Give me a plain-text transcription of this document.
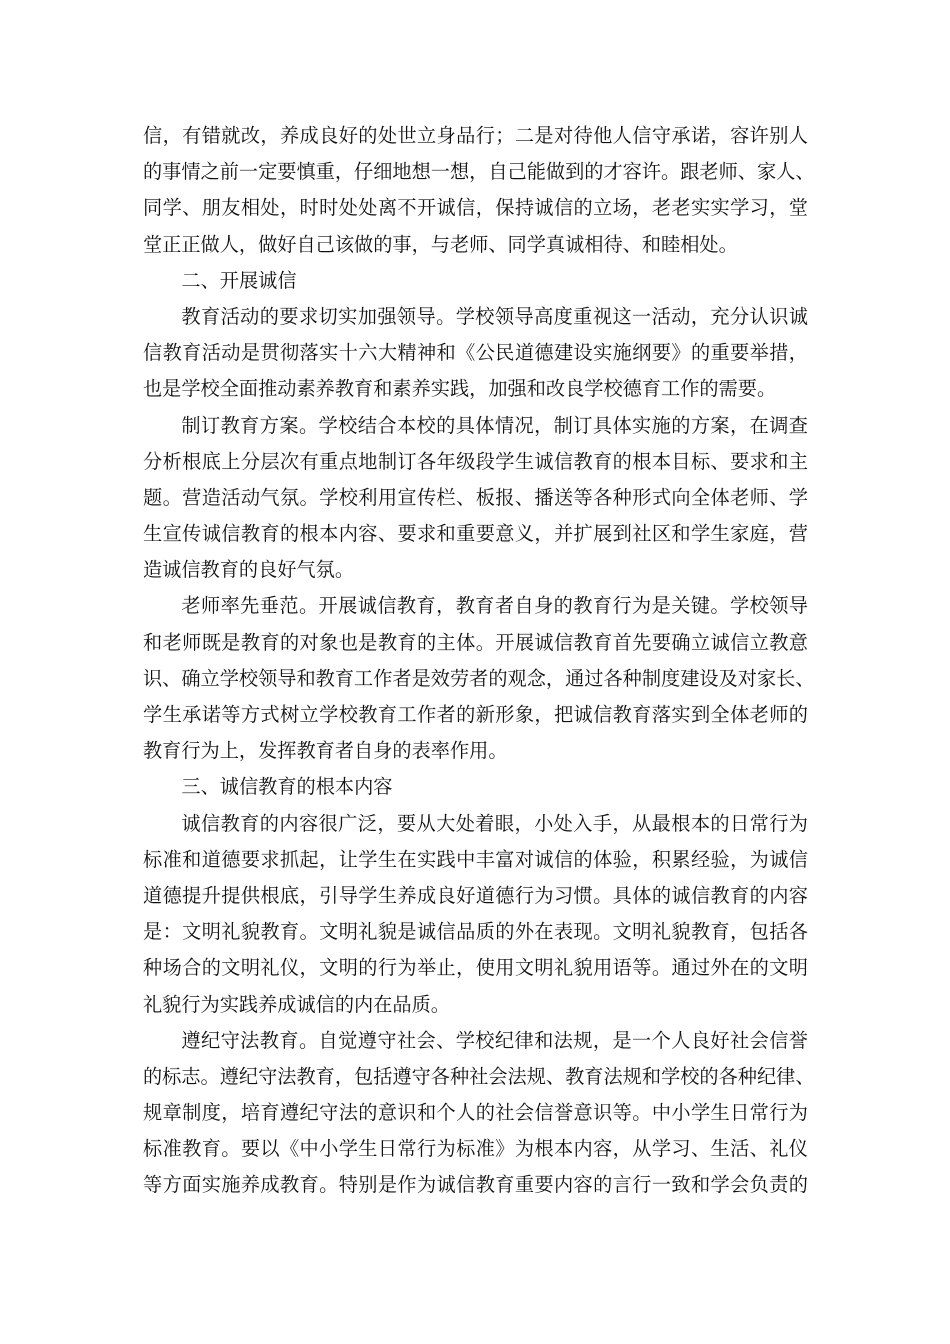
信，有错就改，养成良好的处世立身品行；二是对待他人信守承诺，容许别人
的事情之前一定要慎重，仔细地想一想，自己能做到的才容许。跟老师、家人、
同学、朋友相处，时时处处离不开诚信，保持诚信的立场，老老实实学习，堂
堂正正做人，做好自己该做的事，与老师、同学真诚相待、和睦相处。
二、开展诚信
教育活动的要求切实加强领导。学校领导高度重视这一活动，充分认识诚
信教育活动是贯彻落实十六大精神和《公民道德建设实施纲要》的重要举措，
也是学校全面推动素养教育和素养实践，加强和改良学校德育工作的需要。
制订教育方案。学校结合本校的具体情况，制订具体实施的方案，在调查
分析根底上分层次有重点地制订各年级段学生诚信教育的根本目标、要求和主
题。营造活动气氛。学校利用宣传栏、板报、播送等各种形式向全体老师、学
生宣传诚信教育的根本内容、要求和重要意义，并扩展到社区和学生家庭，营
造诚信教育的良好气氛。
老师率先垂范。开展诚信教育，教育者自身的教育行为是关键。学校领导
和老师既是教育的对象也是教育的主体。开展诚信教育首先要确立诚信立教意
识、确立学校领导和教育工作者是效劳者的观念，通过各种制度建设及对家长、
学生承诺等方式树立学校教育工作者的新形象，把诚信教育落实到全体老师的
教育行为上，发挥教育者自身的表率作用。
三、诚信教育的根本内容
诚信教育的内容很广泛，要从大处着眼，小处入手，从最根本的日常行为
标准和道德要求抓起，让学生在实践中丰富对诚信的体验，积累经验，为诚信
道德提升提供根底，引导学生养成良好道德行为习惯。具体的诚信教育的内容
是：文明礼貌教育。文明礼貌是诚信品质的外在表现。文明礼貌教育，包括各
种场合的文明礼仪，文明的行为举止，使用文明礼貌用语等。通过外在的文明
礼貌行为实践养成诚信的内在品质。
遵纪守法教育。自觉遵守社会、学校纪律和法规，是一个人良好社会信誉
的标志。遵纪守法教育，包括遵守各种社会法规、教育法规和学校的各种纪律、
规章制度，培育遵纪守法的意识和个人的社会信誉意识等。中小学生日常行为
标准教育。要以《中小学生日常行为标准》为根本内容，从学习、生活、礼仪
等方面实施养成教育。特别是作为诚信教育重要内容的言行一致和学会负责的
